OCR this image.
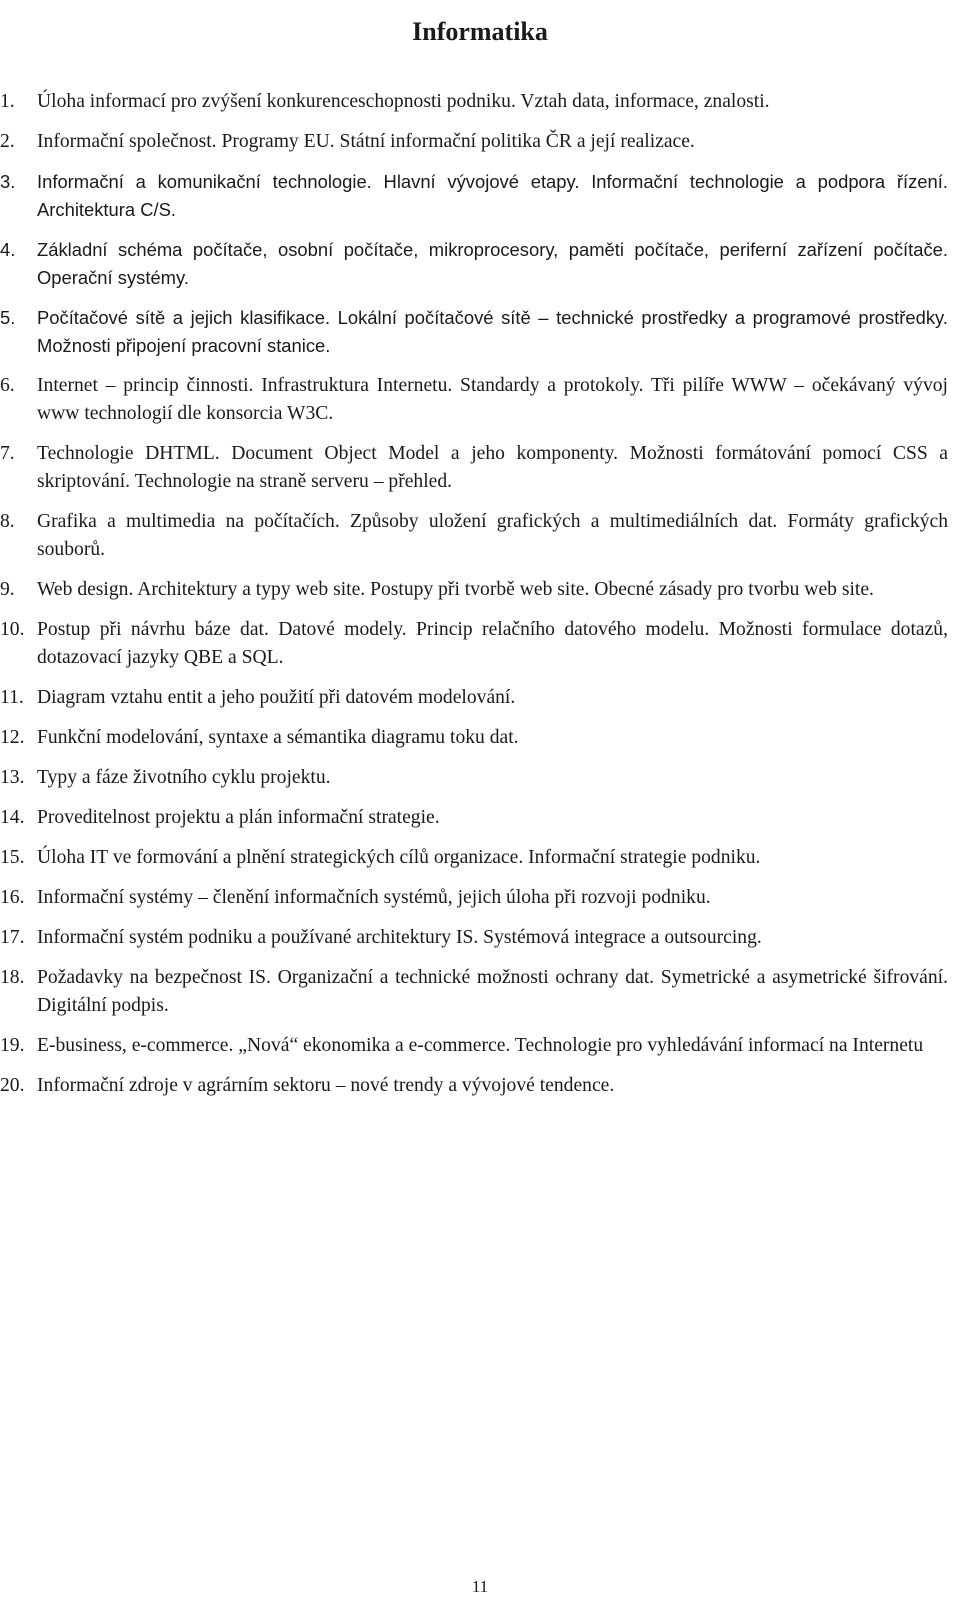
Informatika
1. Úloha informací pro zvýšení konkurenceschopnosti podniku. Vztah data, informace, znalosti.
2. Informační společnost. Programy EU. Státní informační politika ČR a její realizace.
3. Informační a komunikační technologie. Hlavní vývojové etapy. Informační technologie a podpora řízení. Architektura C/S.
4. Základní schéma počítače, osobní počítače, mikroprocesory, paměti počítače, periferní zařízení počítače. Operační systémy.
5. Počítačové sítě a jejich klasifikace. Lokální počítačové sítě – technické prostředky a programové prostředky. Možnosti připojení pracovní stanice.
6. Internet – princip činnosti. Infrastruktura Internetu. Standardy a protokoly. Tři pilíře WWW – očekávaný vývoj www technologií dle konsorcia W3C.
7. Technologie DHTML. Document Object Model a jeho komponenty. Možnosti formátování pomocí CSS a skriptování. Technologie na straně serveru – přehled.
8. Grafika a multimedia na počítačích. Způsoby uložení grafických a multimediálních dat. Formáty grafických souborů.
9. Web design. Architektury a typy web site. Postupy při tvorbě web site. Obecné zásady pro tvorbu web site.
10. Postup při návrhu báze dat. Datové modely. Princip relačního datového modelu. Možnosti formulace dotazů, dotazovací jazyky QBE a SQL.
11. Diagram vztahu entit a jeho použití při datovém modelování.
12. Funkční modelování, syntaxe a sémantika diagramu toku dat.
13. Typy a fáze životního cyklu projektu.
14. Proveditelnost projektu a plán informační strategie.
15. Úloha IT ve formování a plnění strategických cílů organizace. Informační strategie podniku.
16. Informační systémy – členění informačních systémů, jejich úloha při rozvoji podniku.
17. Informační systém podniku a používané architektury IS. Systémová integrace a outsourcing.
18. Požadavky na bezpečnost IS. Organizační a technické možnosti ochrany dat. Symetrické a asymetrické šifrování. Digitální podpis.
19. E-business, e-commerce. „Nová“ ekonomika a e-commerce. Technologie pro vyhledávání informací na Internetu
20. Informační zdroje v agrárním sektoru – nové trendy a vývojové tendence.
11
